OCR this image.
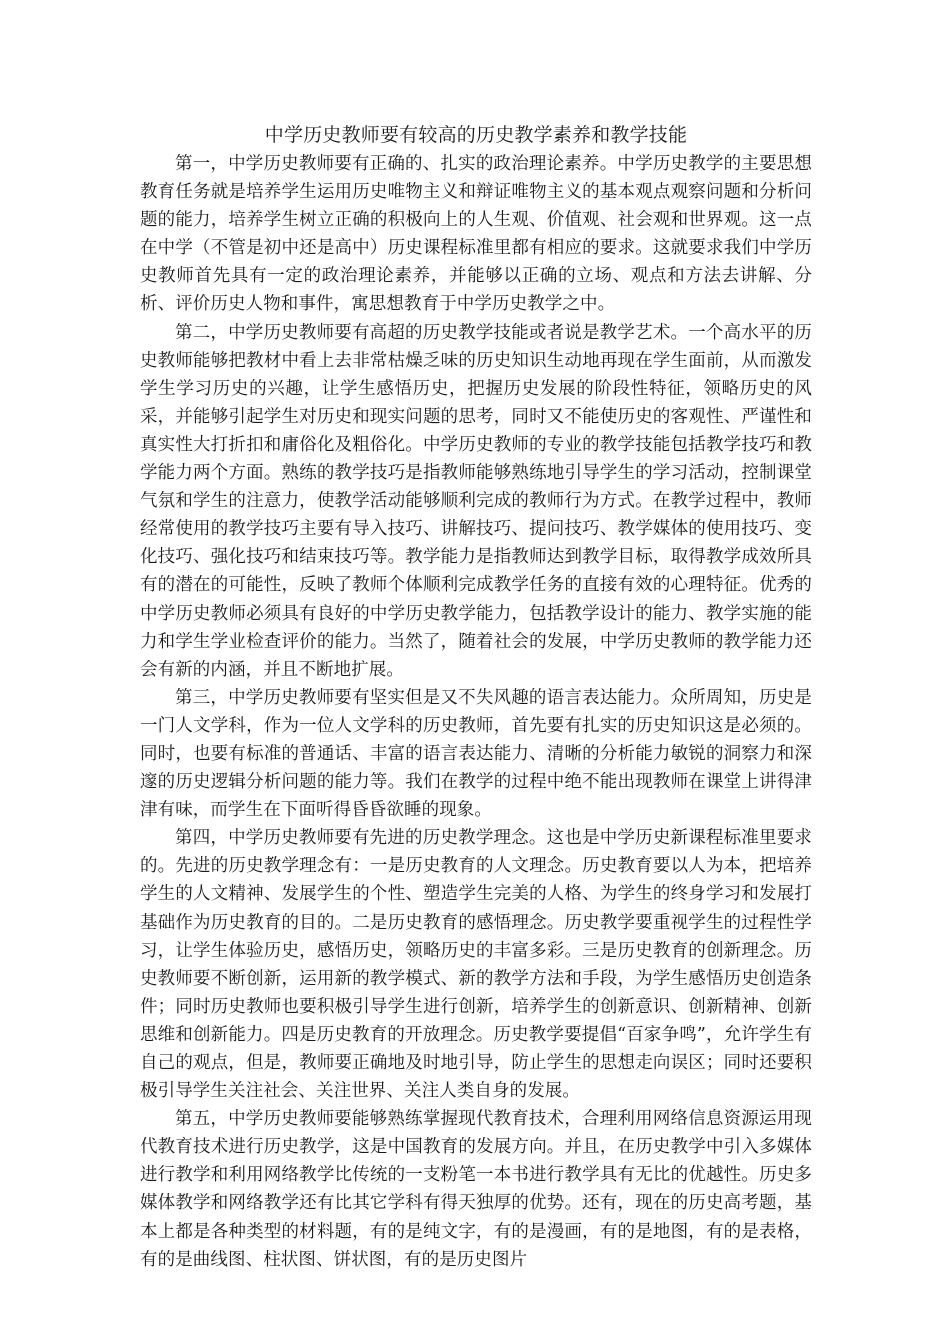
中学历史教师要有较高的历史教学素养和教学技能

第一，中学历史教师要有正确的、扎实的政治理论素养。中学历史教学的主要思想教育任务就是培养学生运用历史唯物主义和辩证唯物主义的基本观点观察问题和分析问题的能力，培养学生树立正确的积极向上的人生观、价值观、社会观和世界观。这一点在中学（不管是初中还是高中）历史课程标准里都有相应的要求。这就要求我们中学历史教师首先具有一定的政治理论素养，并能够以正确的立场、观点和方法去讲解、分析、评价历史人物和事件，寓思想教育于中学历史教学之中。

第二，中学历史教师要有高超的历史教学技能或者说是教学艺术。一个高水平的历史教师能够把教材中看上去非常枯燥乏味的历史知识生动地再现在学生面前，从而激发学生学习历史的兴趣，让学生感悟历史，把握历史发展的阶段性特征，领略历史的风采，并能够引起学生对历史和现实问题的思考，同时又不能使历史的客观性、严谨性和真实性大打折扣和庸俗化及粗俗化。中学历史教师的专业的教学技能包括教学技巧和教学能力两个方面。熟练的教学技巧是指教师能够熟练地引导学生的学习活动，控制课堂气氛和学生的注意力，使教学活动能够顺利完成的教师行为方式。在教学过程中，教师经常使用的教学技巧主要有导入技巧、讲解技巧、提问技巧、教学媒体的使用技巧、变化技巧、强化技巧和结束技巧等。教学能力是指教师达到教学目标，取得教学成效所具有的潜在的可能性，反映了教师个体顺利完成教学任务的直接有效的心理特征。优秀的中学历史教师必须具有良好的中学历史教学能力，包括教学设计的能力、教学实施的能力和学生学业检查评价的能力。当然了，随着社会的发展，中学历史教师的教学能力还会有新的内涵，并且不断地扩展。

第三，中学历史教师要有坚实但是又不失风趣的语言表达能力。众所周知，历史是一门人文学科，作为一位人文学科的历史教师，首先要有扎实的历史知识这是必须的。同时，也要有标准的普通话、丰富的语言表达能力、清晰的分析能力敏锐的洞察力和深邃的历史逻辑分析问题的能力等。我们在教学的过程中绝不能出现教师在课堂上讲得津津有味，而学生在下面听得昏昏欲睡的现象。

第四，中学历史教师要有先进的历史教学理念。这也是中学历史新课程标准里要求的。先进的历史教学理念有：一是历史教育的人文理念。历史教育要以人为本，把培养学生的人文精神、发展学生的个性、塑造学生完美的人格、为学生的终身学习和发展打基础作为历史教育的目的。二是历史教育的感悟理念。历史教学要重视学生的过程性学习，让学生体验历史，感悟历史，领略历史的丰富多彩。三是历史教育的创新理念。历史教师要不断创新，运用新的教学模式、新的教学方法和手段，为学生感悟历史创造条件；同时历史教师也要积极引导学生进行创新，培养学生的创新意识、创新精神、创新思维和创新能力。四是历史教育的开放理念。历史教学要提倡“百家争鸣”，允许学生有自己的观点，但是，教师要正确地及时地引导，防止学生的思想走向误区；同时还要积极引导学生关注社会、关注世界、关注人类自身的发展。

第五，中学历史教师要能够熟练掌握现代教育技术，合理利用网络信息资源运用现代教育技术进行历史教学，这是中国教育的发展方向。并且，在历史教学中引入多媒体进行教学和利用网络教学比传统的一支粉笔一本书进行教学具有无比的优越性。历史多媒体教学和网络教学还有比其它学科有得天独厚的优势。还有，现在的历史高考题，基本上都是各种类型的材料题，有的是纯文字，有的是漫画，有的是地图，有的是表格，有的是曲线图、柱状图、饼状图，有的是历史图片
